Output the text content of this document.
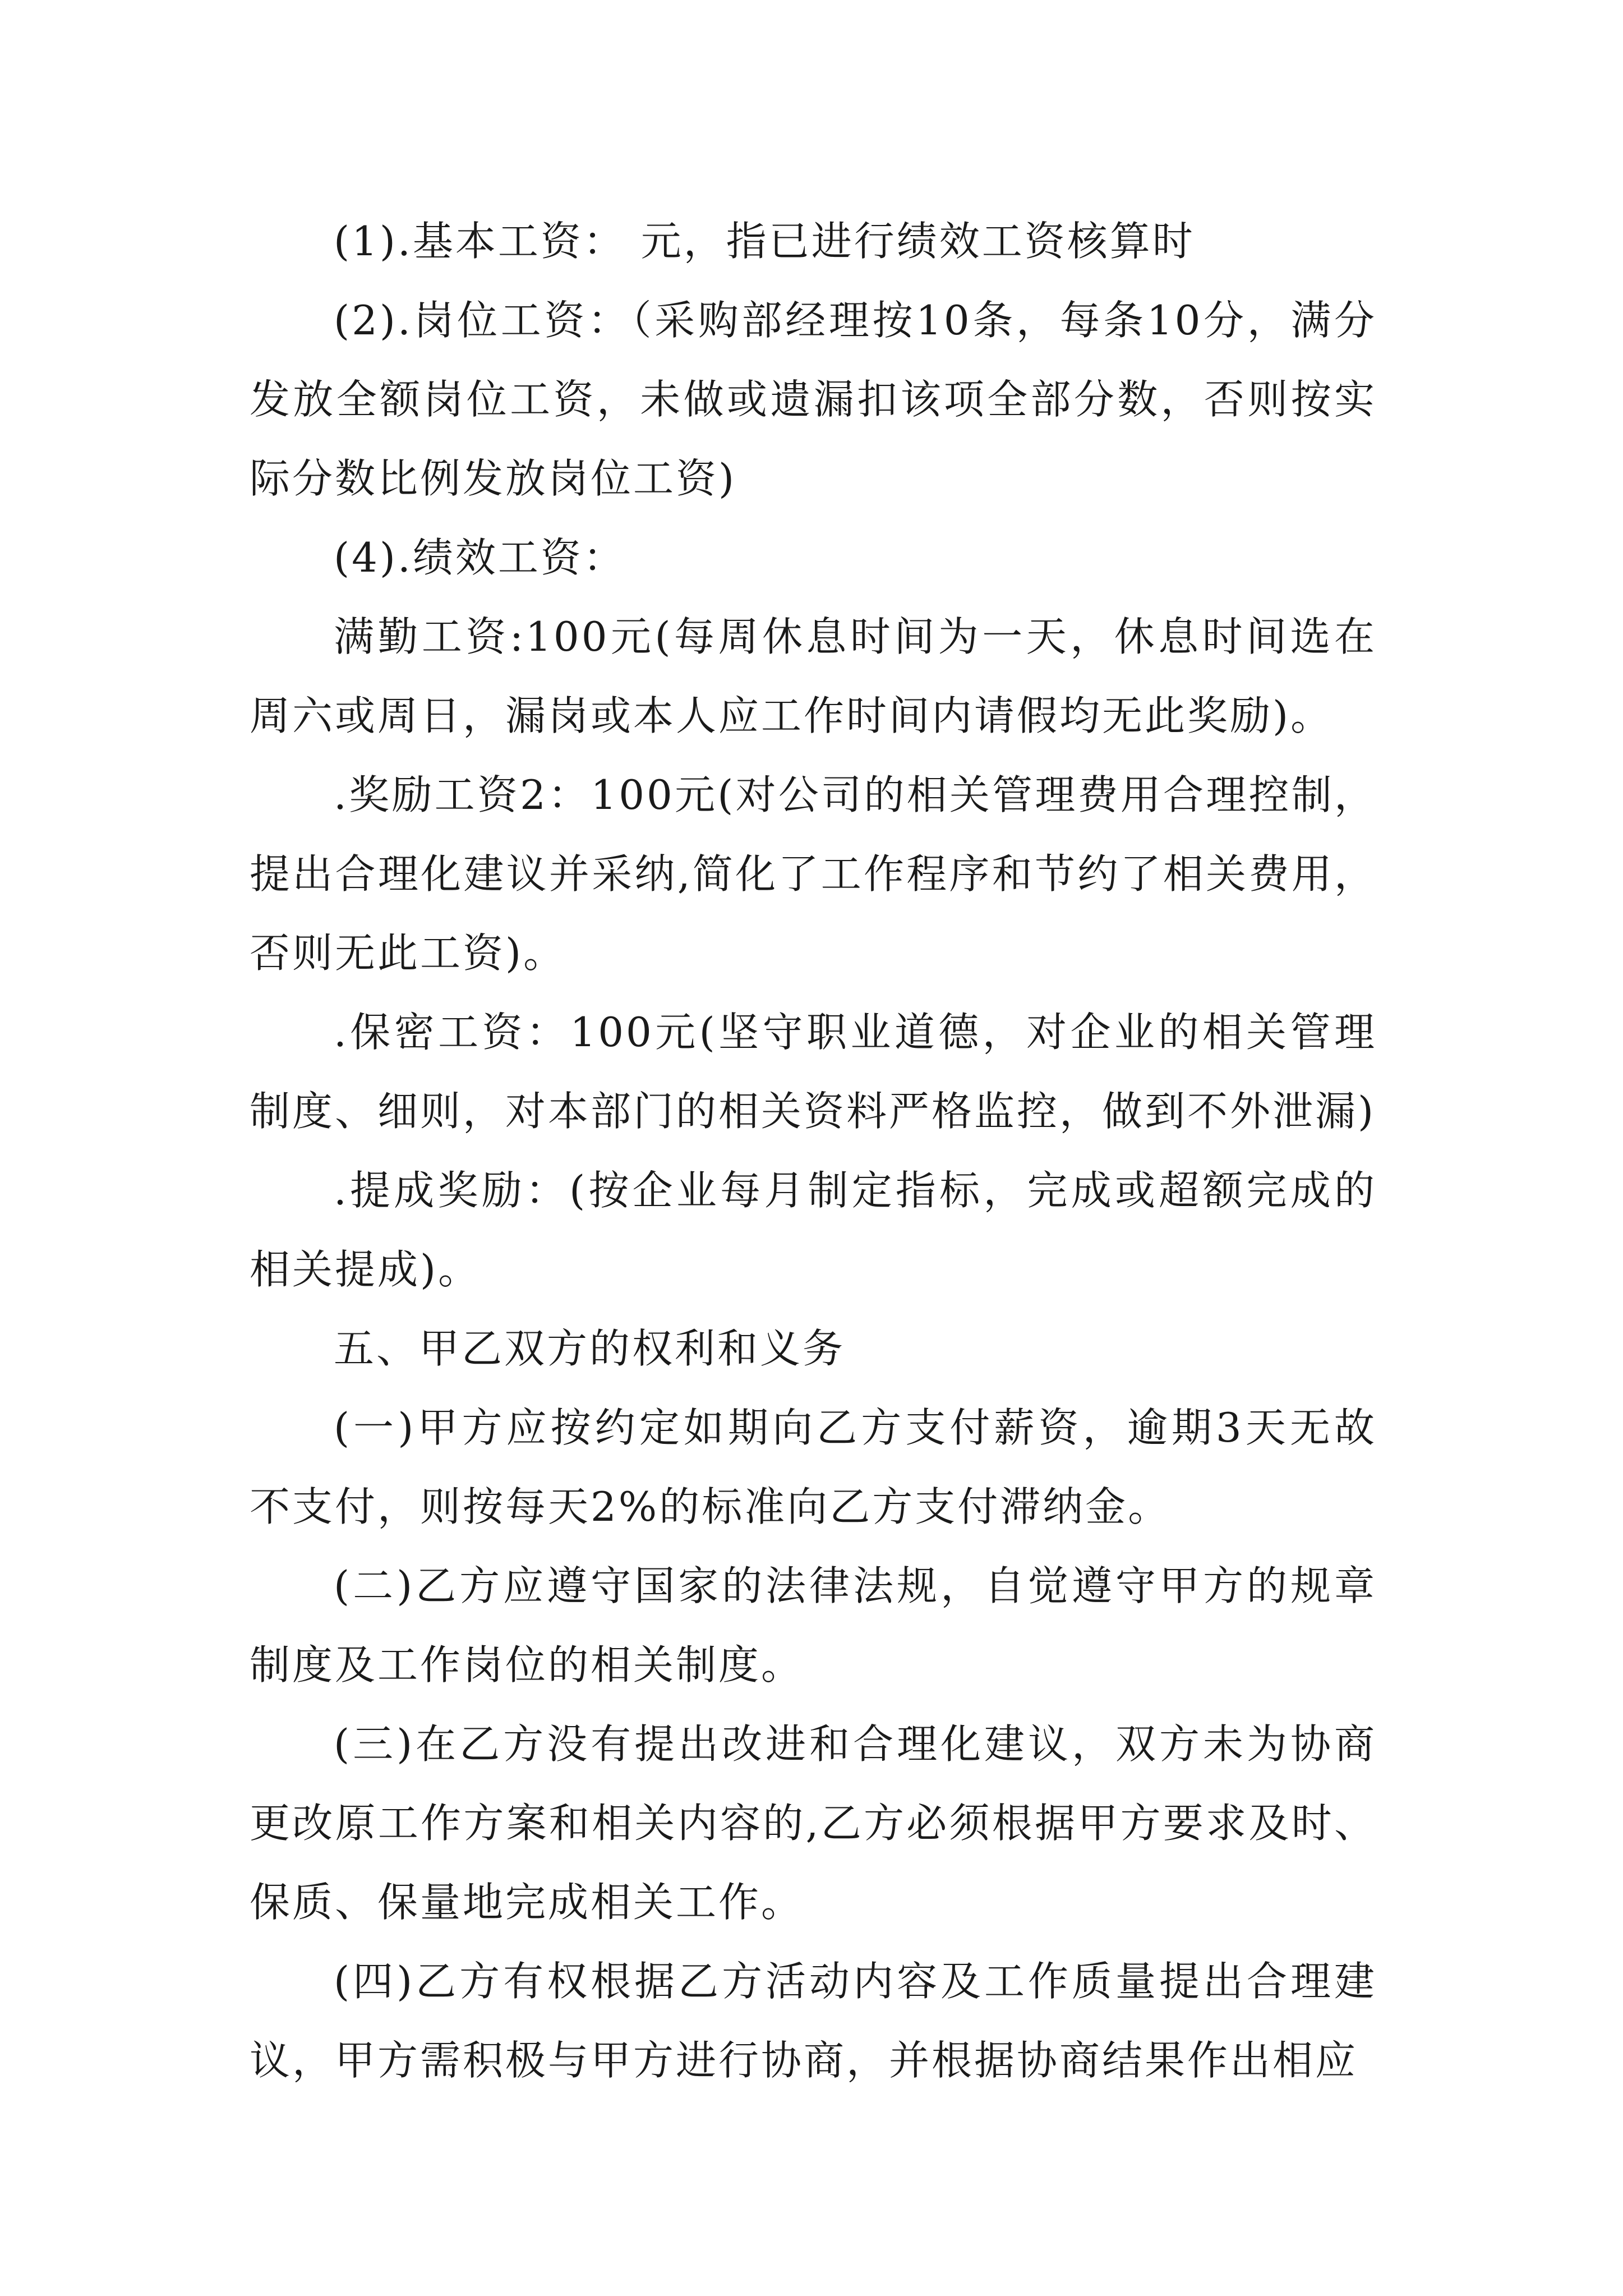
(1).基本工资： 元，指已进行绩效工资核算时

(2).岗位工资：（采购部经理按10条，每条10分，满分发放全额岗位工资，未做或遗漏扣该项全部分数，否则按实际分数比例发放岗位工资)

(4).绩效工资：

满勤工资:100元(每周休息时间为一天，休息时间选在周六或周日，漏岗或本人应工作时间内请假均无此奖励)。

.奖励工资2：100元(对公司的相关管理费用合理控制，提出合理化建议并采纳,简化了工作程序和节约了相关费用，否则无此工资)。

.保密工资：100元(坚守职业道德，对企业的相关管理制度、细则，对本部门的相关资料严格监控，做到不外泄漏)

.提成奖励：(按企业每月制定指标，完成或超额完成的相关提成)。

五、甲乙双方的权利和义务

(一)甲方应按约定如期向乙方支付薪资，逾期3天无故不支付，则按每天2%的标准向乙方支付滞纳金。

(二)乙方应遵守国家的法律法规，自觉遵守甲方的规章制度及工作岗位的相关制度。

(三)在乙方没有提出改进和合理化建议，双方未为协商更改原工作方案和相关内容的,乙方必须根据甲方要求及时、保质、保量地完成相关工作。

(四)乙方有权根据乙方活动内容及工作质量提出合理建议，甲方需积极与甲方进行协商，并根据协商结果作出相应
